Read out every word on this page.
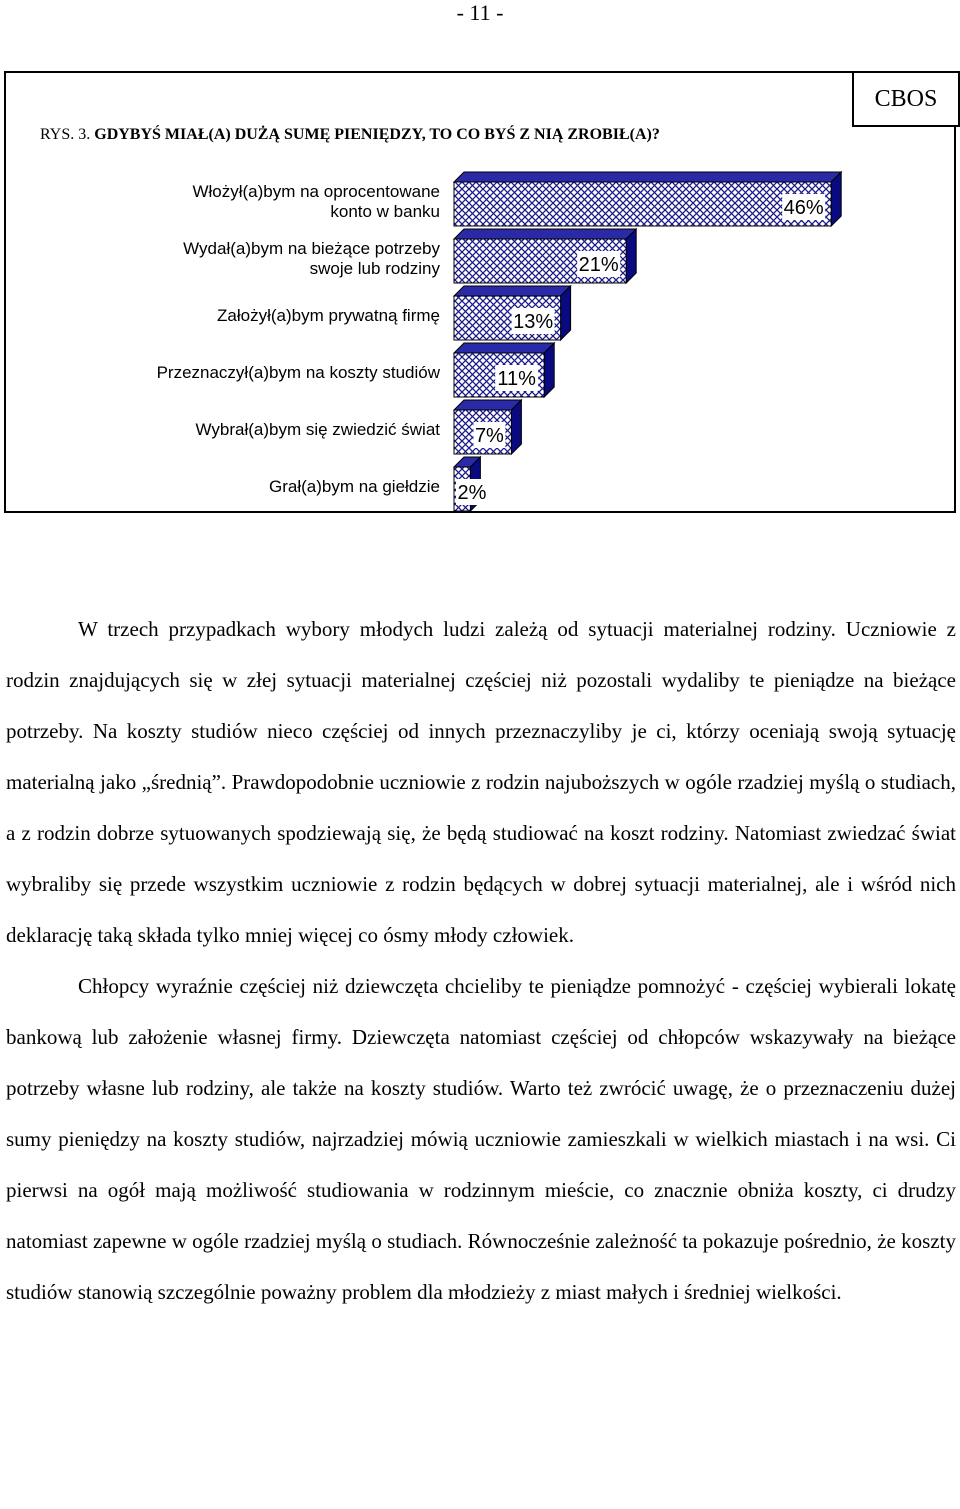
- 11 -
CBOS
RYS. 3. GDYBYŚ MIAŁ(A) DUŻĄ SUMĘ PIENIĘDZY, TO CO BYŚ Z NIĄ ZROBIŁ(A)?
46%
21%
13%
11%
7%
2%
Włożył(a)bym na oprocentowane
konto w banku
Wydał(a)bym na bieżące potrzeby
swoje lub rodziny
Założył(a)bym prywatną firmę
Przeznaczył(a)bym na koszty studiów
Wybrał(a)bym się zwiedzić świat
Grał(a)bym na giełdzie

W trzech przypadkach wybory młodych ludzi zależą od sytuacji materialnej rodziny. Uczniowie z rodzin znajdujących się w złej sytuacji materialnej częściej niż pozostali wydaliby te pieniądze na bieżące potrzeby. Na koszty studiów nieco częściej od innych przeznaczyliby je ci, którzy oceniają swoją sytuację materialną jako „średnią”. Prawdopodobnie uczniowie z rodzin najuboższych w ogóle rzadziej myślą o studiach, a z rodzin dobrze sytuowanych spodziewają się, że będą studiować na koszt rodziny. Natomiast zwiedzać świat wybraliby się przede wszystkim uczniowie z rodzin będących w dobrej sytuacji materialnej, ale i wśród nich deklarację taką składa tylko mniej więcej co ósmy młody człowiek.

Chłopcy wyraźnie częściej niż dziewczęta chcieliby te pieniądze pomnożyć - częściej wybierali lokatę bankową lub założenie własnej firmy. Dziewczęta natomiast częściej od chłopców wskazywały na bieżące potrzeby własne lub rodziny, ale także na koszty studiów. Warto też zwrócić uwagę, że o przeznaczeniu dużej sumy pieniędzy na koszty studiów, najrzadziej mówią uczniowie zamieszkali w wielkich miastach i na wsi. Ci pierwsi na ogół mają możliwość studiowania w rodzinnym mieście, co znacznie obniża koszty, ci drudzy natomiast zapewne w ogóle rzadziej myślą o studiach. Równocześnie zależność ta pokazuje pośrednio, że koszty studiów stanowią szczególnie poważny problem dla młodzieży z miast małych i średniej wielkości.
